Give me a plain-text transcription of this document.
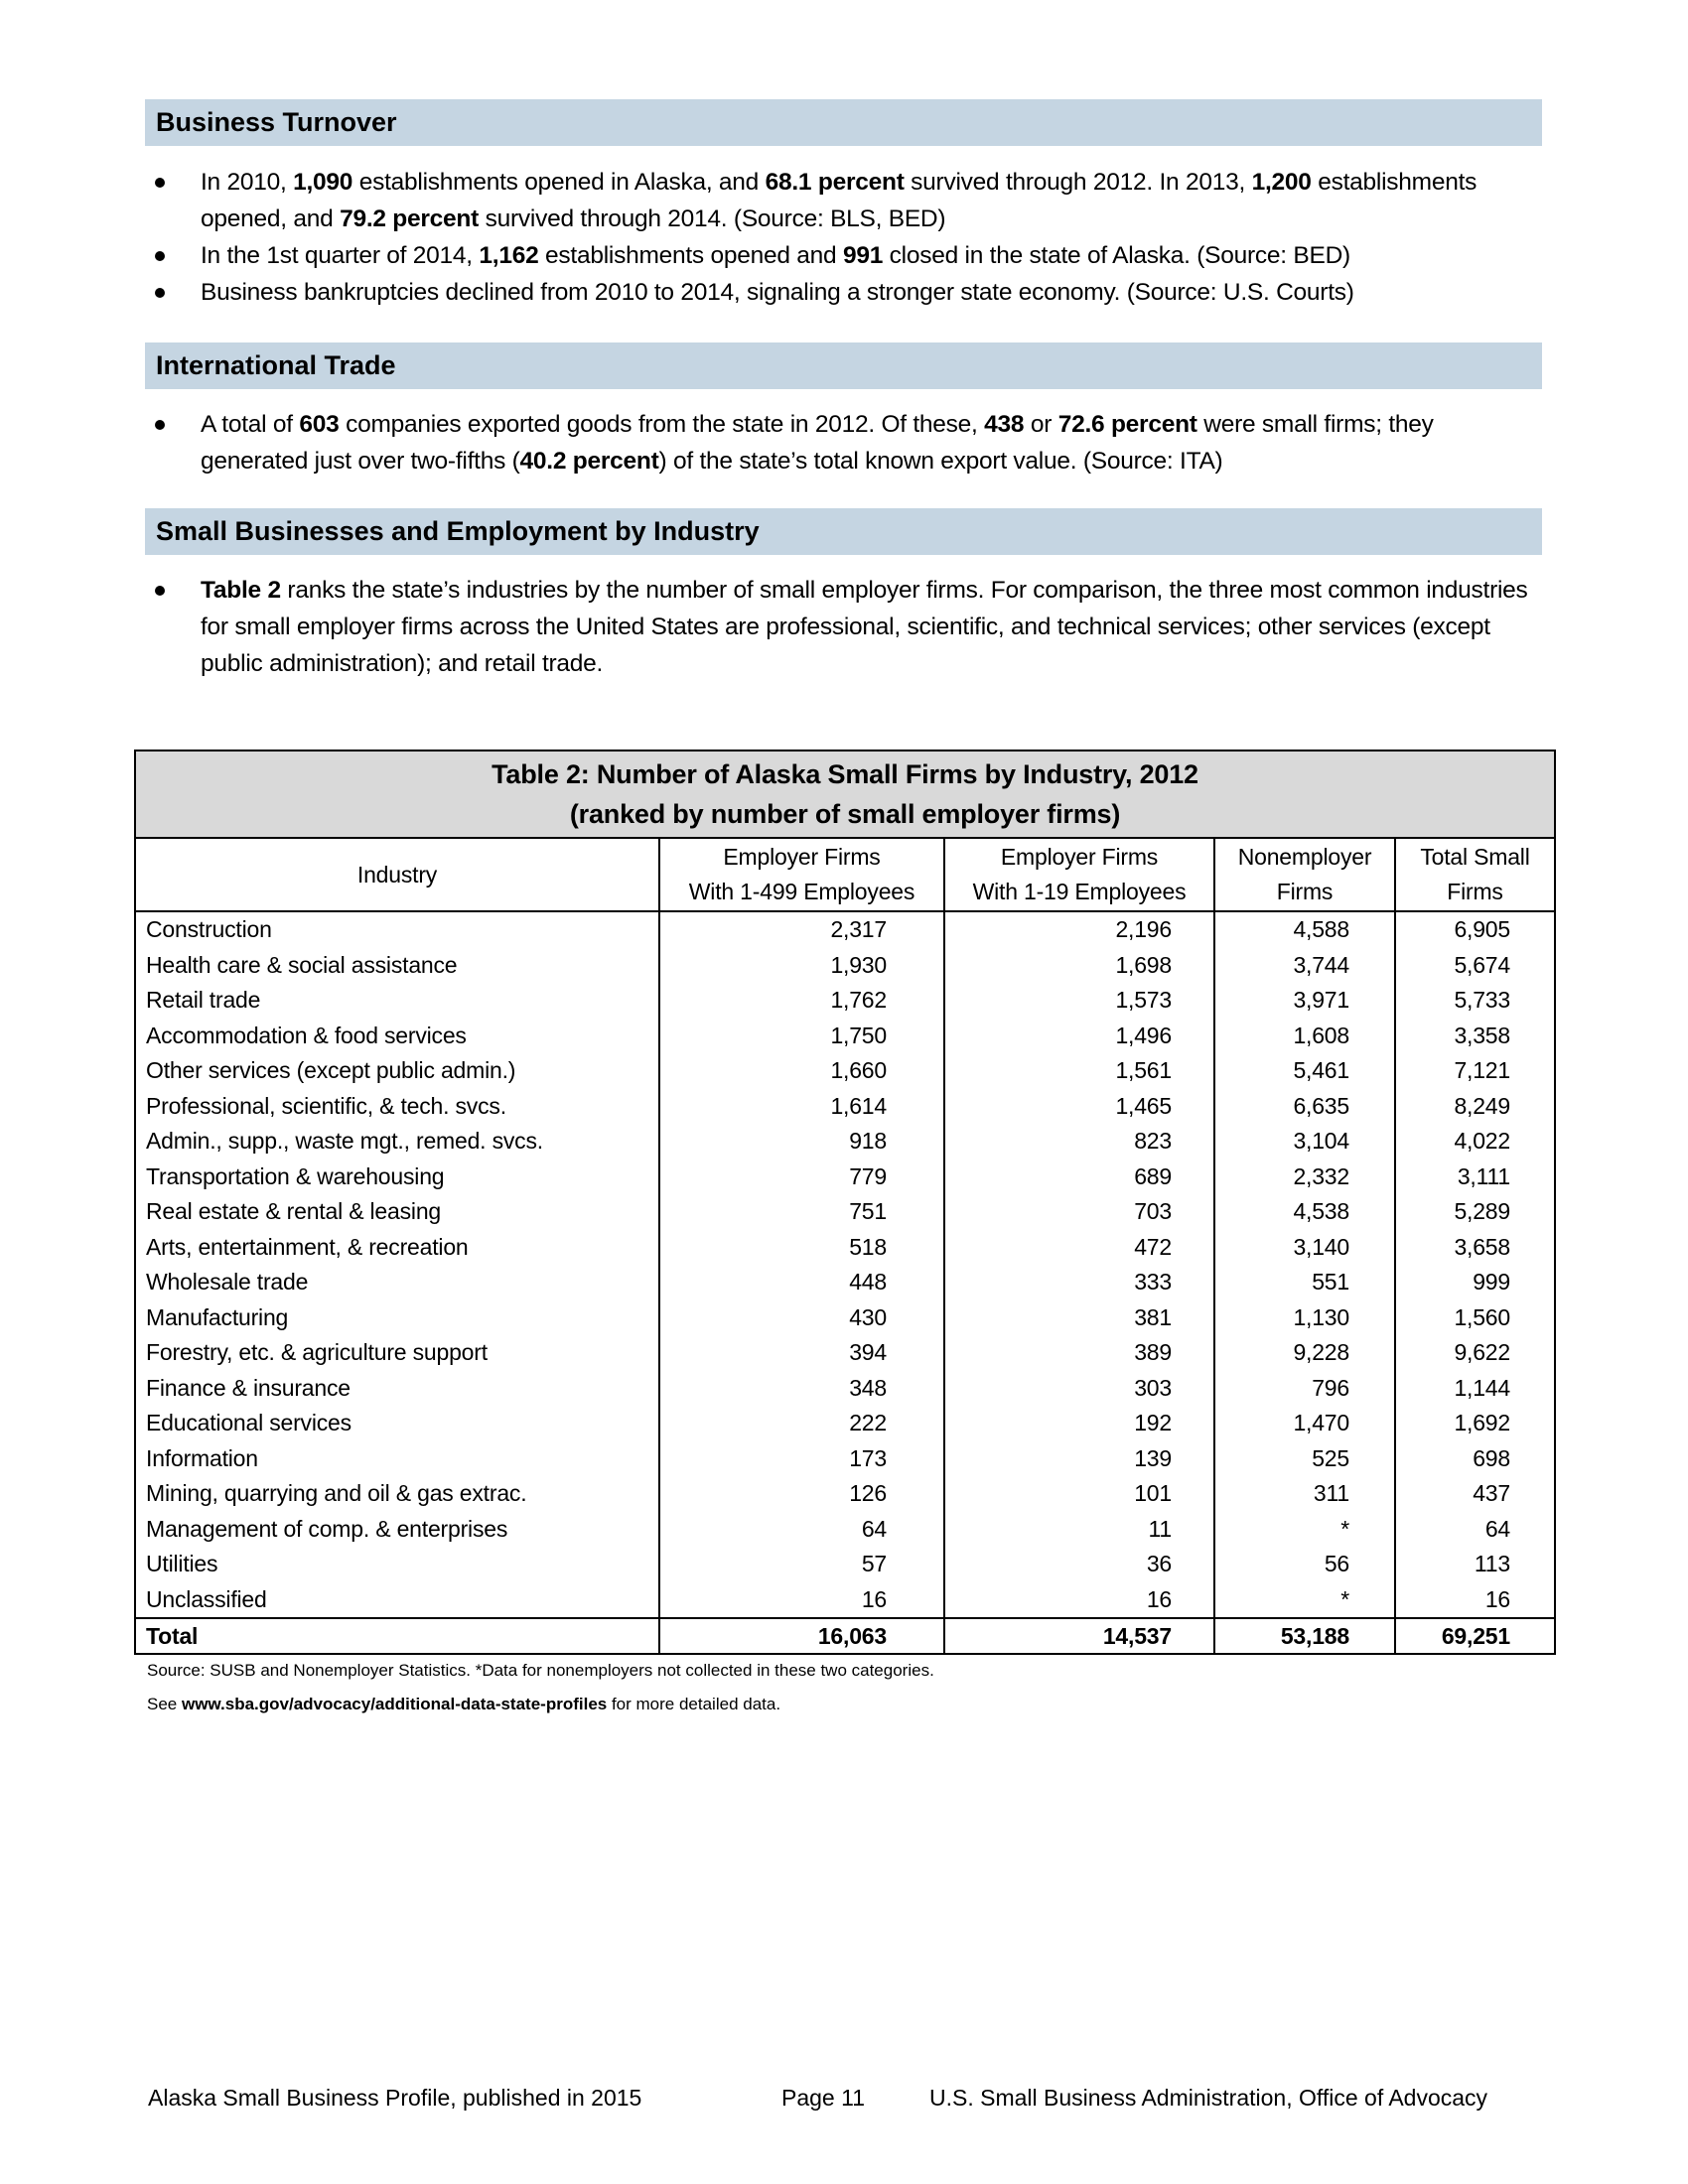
Business Turnover
In 2010, 1,090 establishments opened in Alaska, and 68.1 percent survived through 2012. In 2013, 1,200 establishments opened, and 79.2 percent survived through 2014. (Source: BLS, BED)
In the 1st quarter of 2014, 1,162 establishments opened and 991 closed in the state of Alaska. (Source: BED)
Business bankruptcies declined from 2010 to 2014, signaling a stronger state economy. (Source: U.S. Courts)
International Trade
A total of 603 companies exported goods from the state in 2012. Of these, 438 or 72.6 percent were small firms; they generated just over two-fifths (40.2 percent) of the state’s total known export value. (Source: ITA)
Small Businesses and Employment by Industry
Table 2 ranks the state’s industries by the number of small employer firms. For comparison, the three most common industries for small employer firms across the United States are professional, scientific, and technical services; other services (except public administration); and retail trade.
Table 2: Number of Alaska Small Firms by Industry, 2012
(ranked by number of small employer firms)				

Industry	
Employer Firms
With 1-499 Employees

Employer Firms
With 1-19 Employees

Nonemployer
Firms

Total Small
Firms

Construction	2,317	2,196	4,588	6,905
Health care & social assistance	1,930	1,698	3,744	5,674
Retail trade	1,762	1,573	3,971	5,733
Accommodation & food services	1,750	1,496	1,608	3,358
Other services (except public admin.)	1,660	1,561	5,461	7,121
Professional, scientific, & tech. svcs.	1,614	1,465	6,635	8,249
Admin., supp., waste mgt., remed. svcs.	918	823	3,104	4,022
Transportation & warehousing	779	689	2,332	3,111
Real estate & rental & leasing	751	703	4,538	5,289
Arts, entertainment, & recreation	518	472	3,140	3,658
Wholesale trade	448	333	551	999
Manufacturing	430	381	1,130	1,560
Forestry, etc. & agriculture support	394	389	9,228	9,622
Finance & insurance	348	303	796	1,144
Educational services	222	192	1,470	1,692
Information	173	139	525	698
Mining, quarrying and oil & gas extrac.	126	101	311	437
Management of comp. & enterprises	64	11	*	64
Utilities	57	36	56	113
Unclassified	16	16	*	16
Total	16,063	14,537	53,188	69,251
Source: SUSB and Nonemployer Statistics. *Data for nonemployers not collected in these two categories.
See www.sba.gov/advocacy/additional-data-state-profiles for more detailed data.
Alaska Small Business Profile, published in 2015	Page 11	U.S. Small Business Administration, Office of Advocacy
